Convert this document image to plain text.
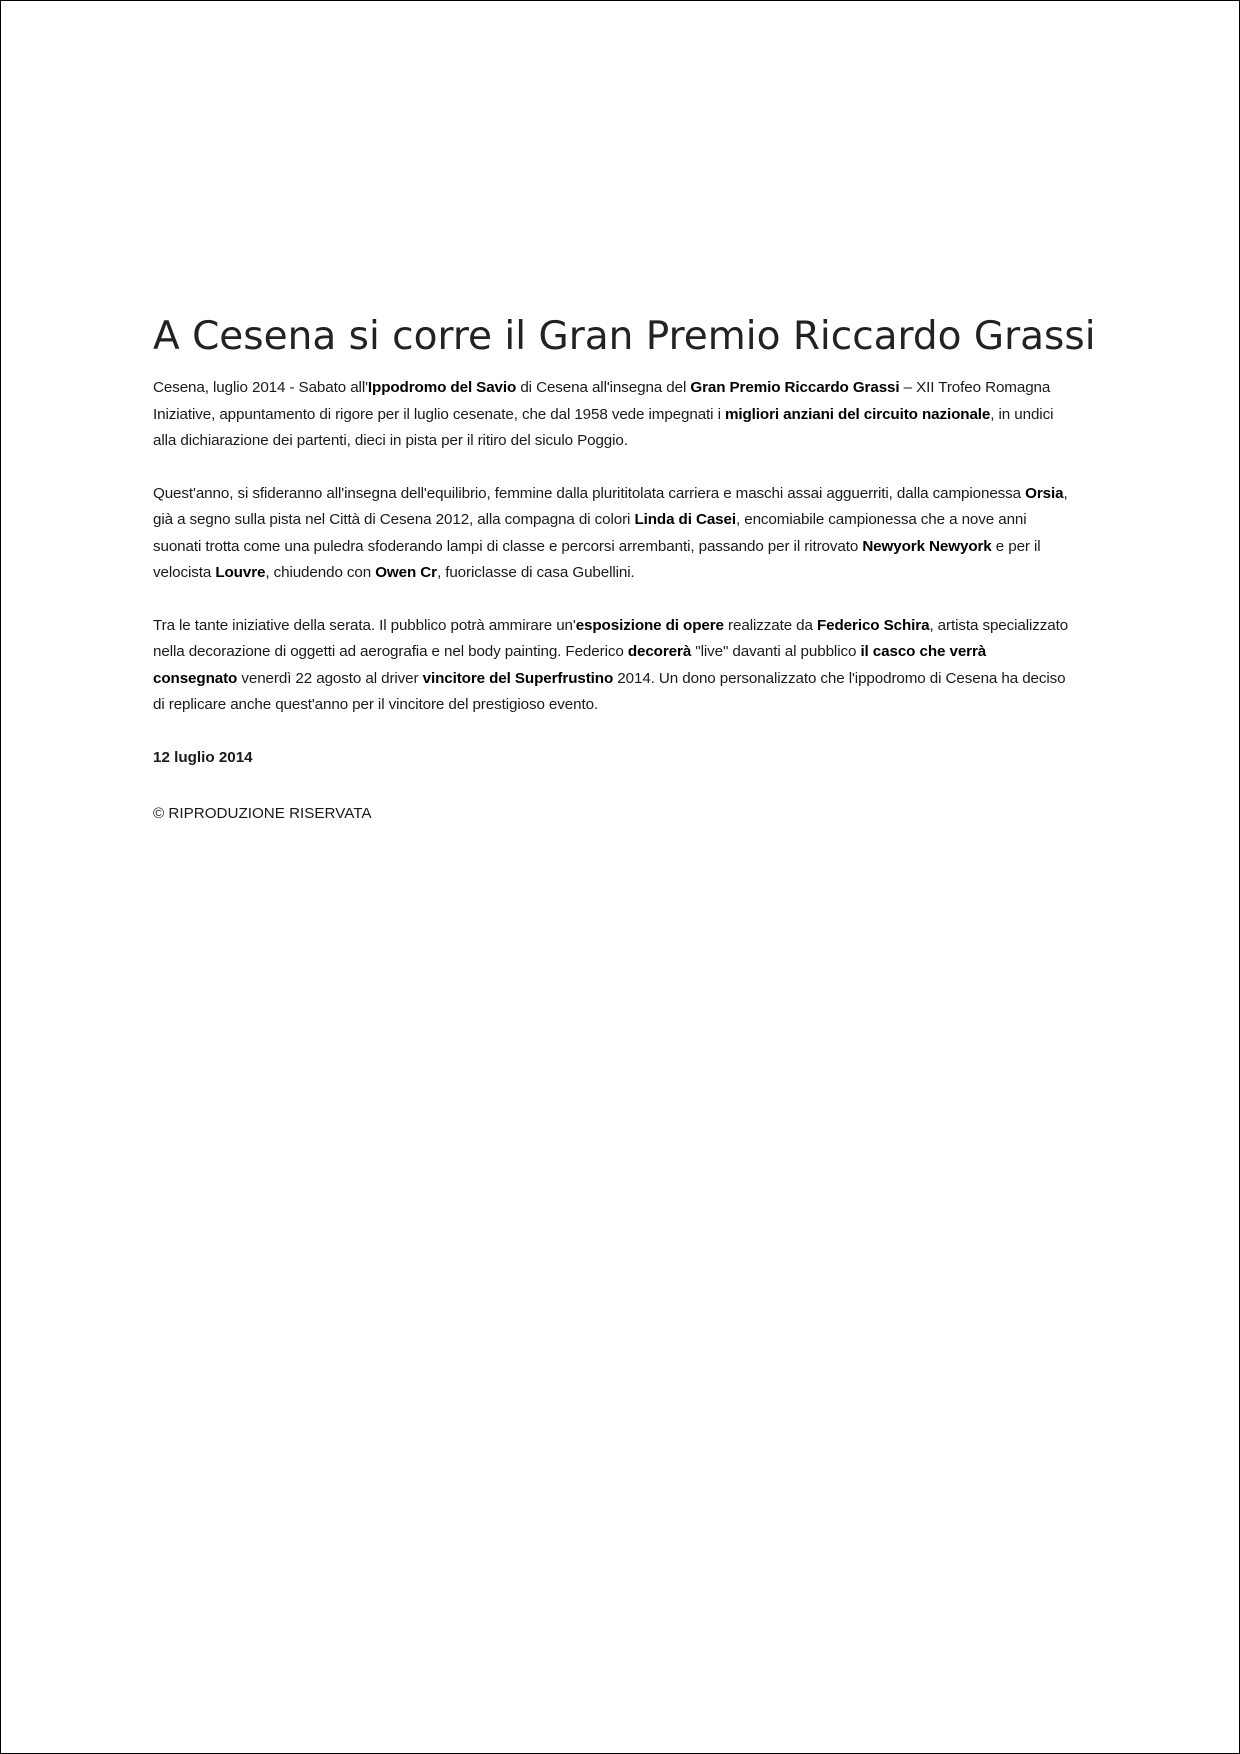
A Cesena si corre il Gran Premio Riccardo Grassi

Cesena, luglio 2014 - Sabato all'Ippodromo del Savio di Cesena all'insegna del Gran Premio Riccardo Grassi – XII Trofeo Romagna Iniziative, appuntamento di rigore per il luglio cesenate, che dal 1958 vede impegnati i migliori anziani del circuito nazionale, in undici alla dichiarazione dei partenti, dieci in pista per il ritiro del siculo Poggio.

Quest'anno, si sfideranno all'insegna dell'equilibrio, femmine dalla plurititolata carriera e maschi assai agguerriti, dalla campionessa Orsia, già a segno sulla pista nel Città di Cesena 2012, alla compagna di colori Linda di Casei, encomiabile campionessa che a nove anni suonati trotta come una puledra sfoderando lampi di classe e percorsi arrembanti, passando per il ritrovato Newyork Newyork e per il velocista Louvre, chiudendo con Owen Cr, fuoriclasse di casa Gubellini.

Tra le tante iniziative della serata. Il pubblico potrà ammirare un'esposizione di opere realizzate da Federico Schira, artista specializzato nella decorazione di oggetti ad aerografia e nel body painting. Federico decorerà "live" davanti al pubblico il casco che verrà consegnato venerdì 22 agosto al driver vincitore del Superfrustino 2014. Un dono personalizzato che l'ippodromo di Cesena ha deciso di replicare anche quest'anno per il vincitore del prestigioso evento.

12 luglio 2014

© RIPRODUZIONE RISERVATA
